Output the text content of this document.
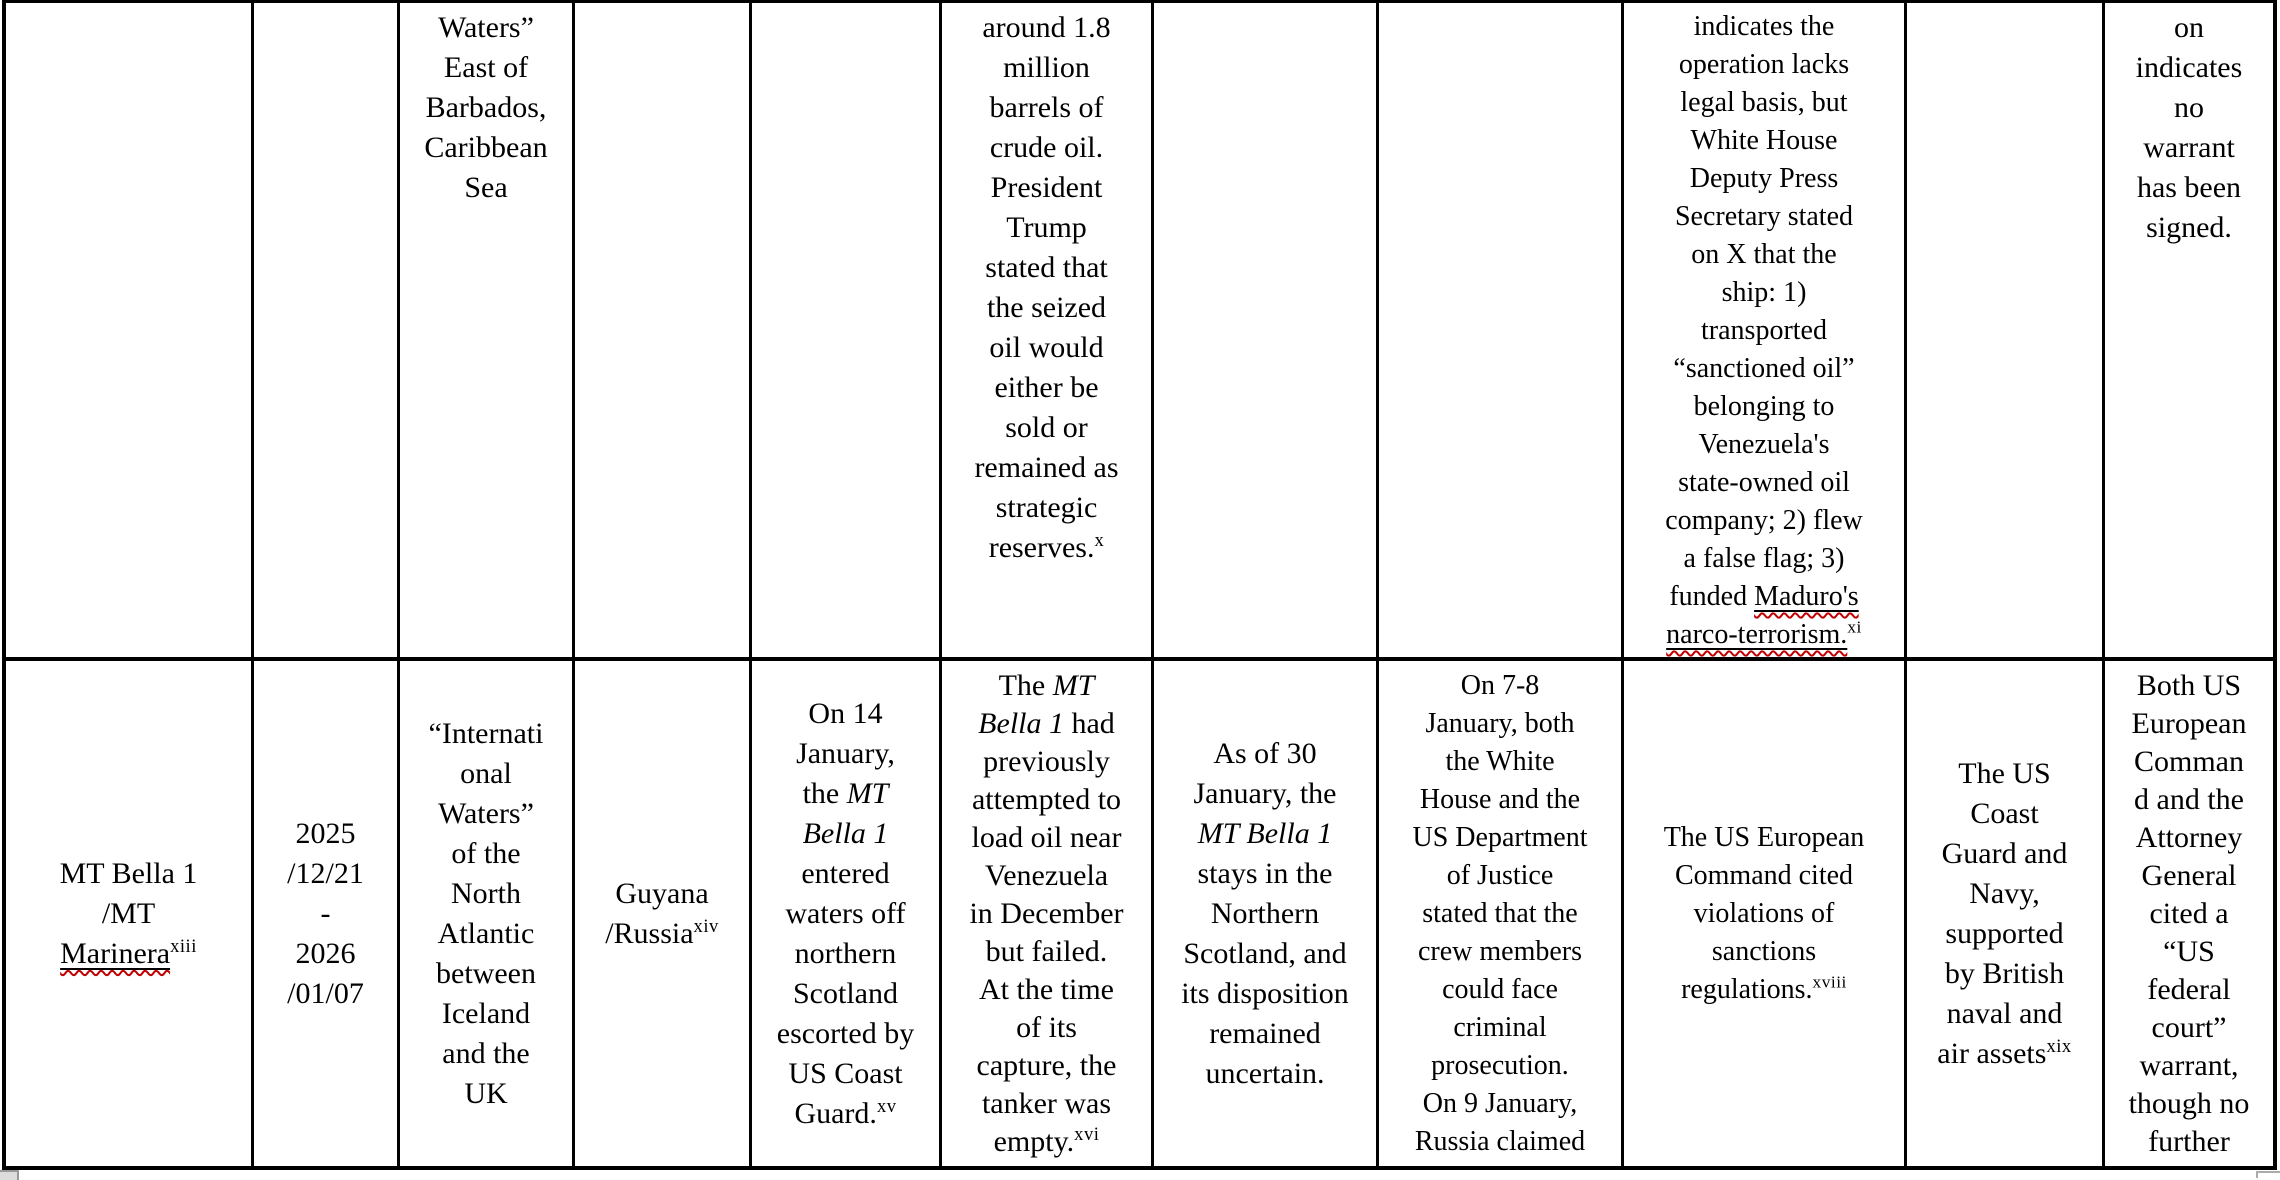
Waters”
East of
Barbados,
Caribbean
Sea
around 1.8
million
barrels of
crude oil.
President
Trump
stated that
the seized
oil would
either be
sold or
remained as
strategic
reserves.$^x$
indicates the
operation lacks
legal basis, but
White House
Deputy Press
Secretary stated
on X that the
ship: 1)
transported
“sanctioned oil”
belonging to
Venezuela's
state-owned oil
company; 2) flew
a false flag; 3)
funded Maduro's
narco-terrorism.$^{xi}$
on
indicates
no
warrant
has been
signed.
MT Bella 1
/MT
Marinera$^{xiii}$
2025
/12/21
-
2026
/01/07
“Internati
onal
Waters”
of the
North
Atlantic
between
Iceland
and the
UK
Guyana
/Russia$^{xiv}$
On 14
January,
the MT
Bella 1
entered
waters off
northern
Scotland
escorted by
US Coast
Guard.$^{xv}$
The MT
Bella 1 had
previously
attempted to
load oil near
Venezuela
in December
but failed.
At the time
of its
capture, the
tanker was
empty.$^{xvi}$
As of 30
January, the
MT Bella 1
stays in the
Northern
Scotland, and
its disposition
remained
uncertain.
On 7-8
January, both
the White
House and the
US Department
of Justice
stated that the
crew members
could face
criminal
prosecution.
On 9 January,
Russia claimed
The US European
Command cited
violations of
sanctions
regulations.$^{xviii}$
The US
Coast
Guard and
Navy,
supported
by British
naval and
air assets$^{xix}$
Both US
European
Comman
d and the
Attorney
General
cited a
“US
federal
court”
warrant,
though no
further
